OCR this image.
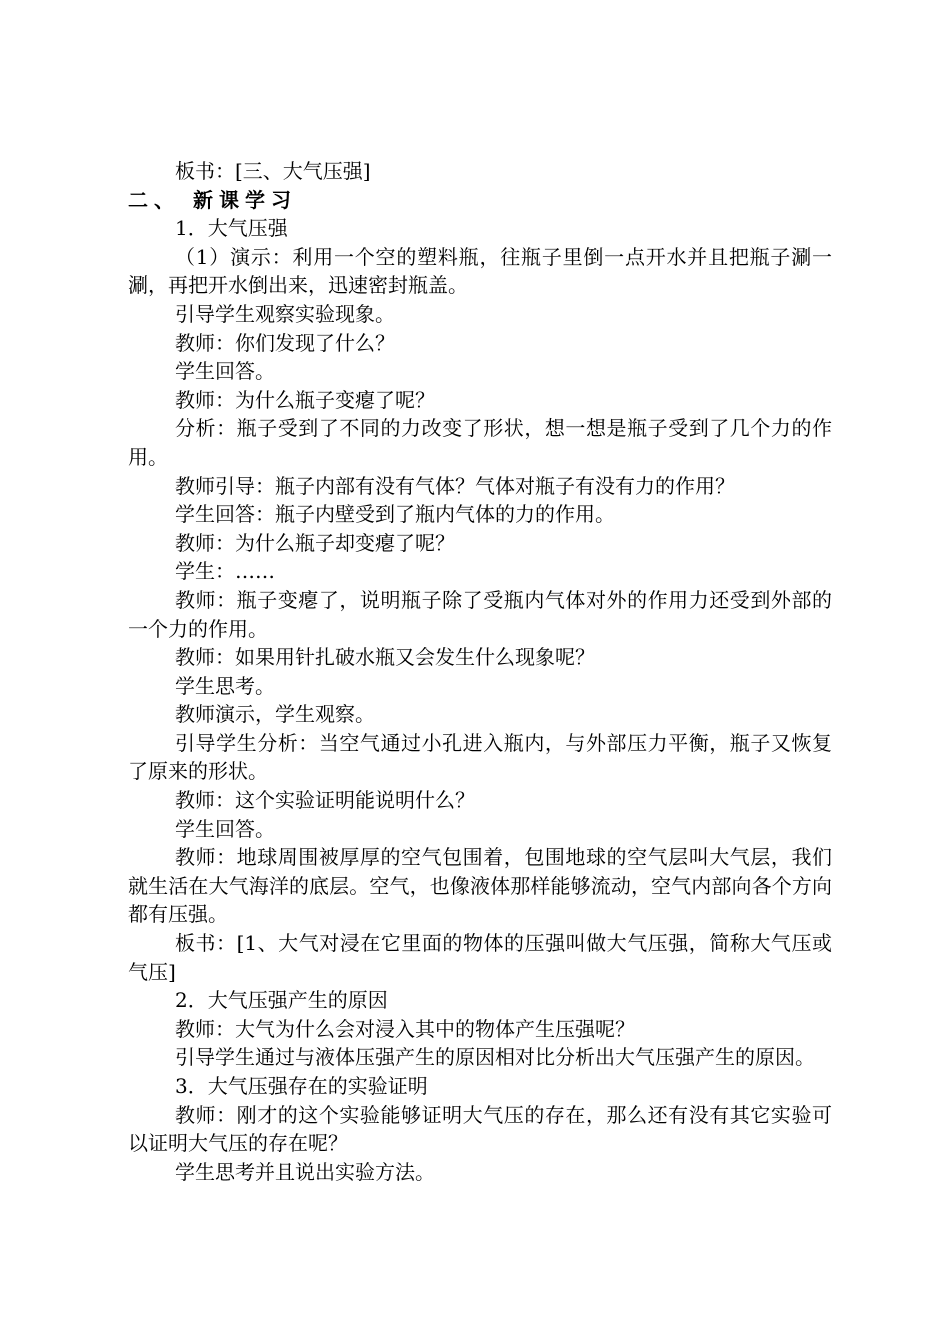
板书：[三、大气压强]

二、 新课学习

1．大气压强

（1）演示：利用一个空的塑料瓶，往瓶子里倒一点开水并且把瓶子涮一涮，再把开水倒出来，迅速密封瓶盖。

引导学生观察实验现象。

教师：你们发现了什么？

学生回答。

教师：为什么瓶子变瘪了呢？

分析：瓶子受到了不同的力改变了形状，想一想是瓶子受到了几个力的作用。

教师引导：瓶子内部有没有气体？气体对瓶子有没有力的作用？

学生回答：瓶子内壁受到了瓶内气体的力的作用。

教师：为什么瓶子却变瘪了呢？

学生：……

教师：瓶子变瘪了，说明瓶子除了受瓶内气体对外的作用力还受到外部的一个力的作用。

教师：如果用针扎破水瓶又会发生什么现象呢？

学生思考。

教师演示，学生观察。

引导学生分析：当空气通过小孔进入瓶内，与外部压力平衡，瓶子又恢复了原来的形状。

教师：这个实验证明能说明什么？

学生回答。

教师：地球周围被厚厚的空气包围着，包围地球的空气层叫大气层，我们就生活在大气海洋的底层。空气，也像液体那样能够流动，空气内部向各个方向都有压强。

板书：[1、大气对浸在它里面的物体的压强叫做大气压强，简称大气压或气压]

2．大气压强产生的原因

教师：大气为什么会对浸入其中的物体产生压强呢？

引导学生通过与液体压强产生的原因相对比分析出大气压强产生的原因。

3．大气压强存在的实验证明

教师：刚才的这个实验能够证明大气压的存在，那么还有没有其它实验可以证明大气压的存在呢？

学生思考并且说出实验方法。
